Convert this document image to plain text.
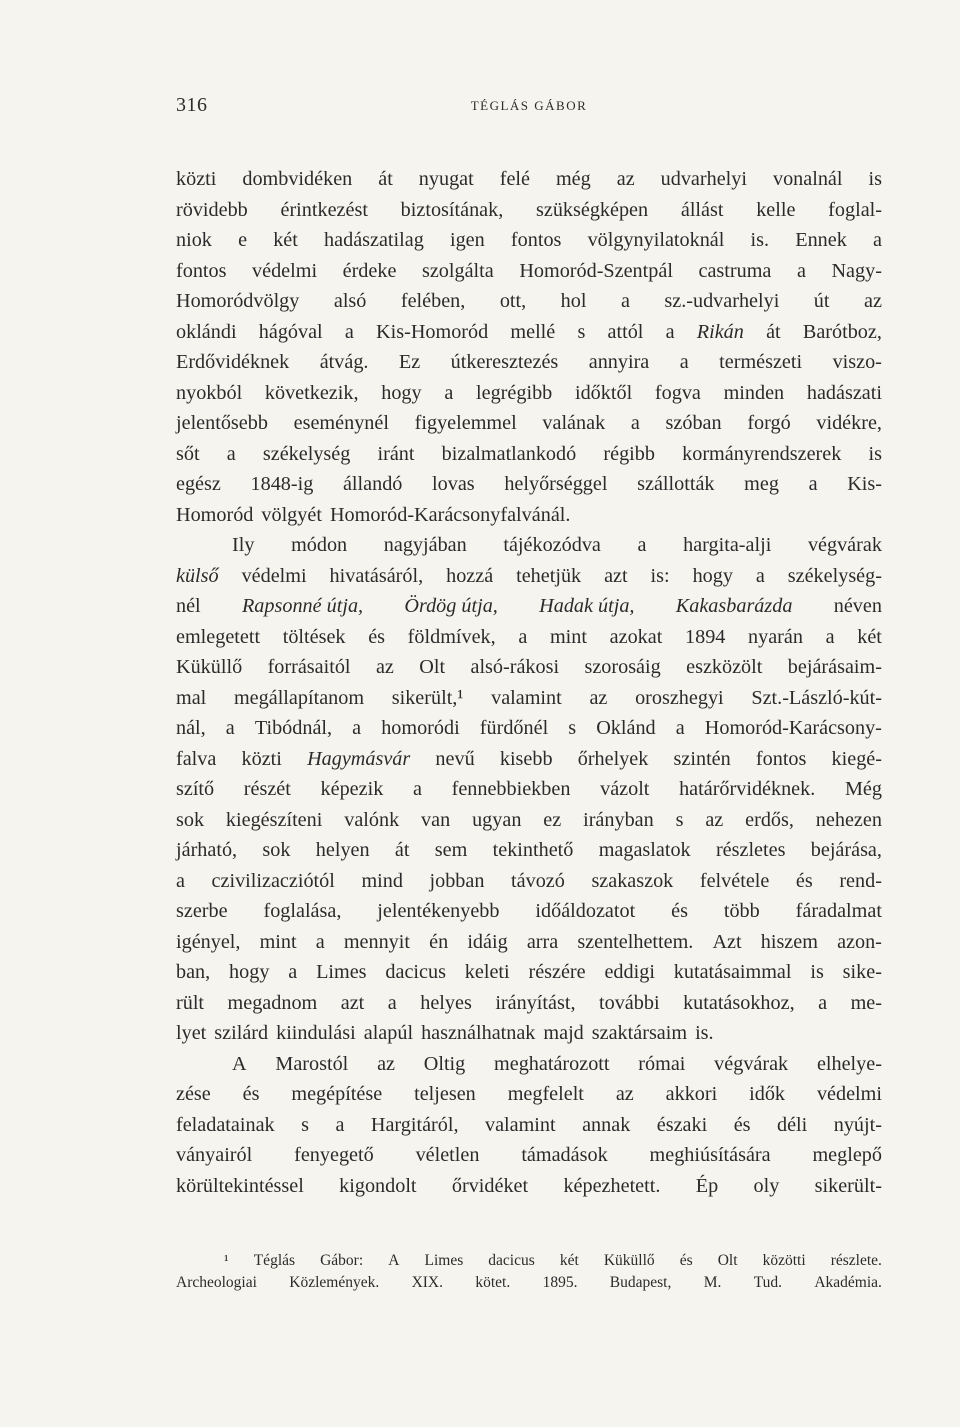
316	TÉGLÁS GÁBOR
közti dombvidéken át nyugat felé még az udvarhelyi vonalnál is
rövidebb érintkezést biztosítának, szükségképen állást kelle foglal-
niok e két hadászatilag igen fontos völgynyilatoknál is. Ennek a
fontos védelmi érdeke szolgálta Homoród-Szentpál castruma a Nagy-
Homoródvölgy alsó felében, ott, hol a sz.-udvarhelyi út az
oklándi hágóval a Kis-Homoród mellé s attól a Rikán át Barótboz,
Erdővidéknek átvág. Ez útkeresztezés annyira a természeti viszo-
nyokból következik, hogy a legrégibb időktől fogva minden hadászati
jelentősebb eseménynél figyelemmel valának a szóban forgó vidékre,
sőt a székelység iránt bizalmatlankodó régibb kormányrendszerek is
egész 1848-ig állandó lovas helyőrséggel szállották meg a Kis-
Homoród völgyét Homoród-Karácsonyfalvánál.
Ily módon nagyjában tájékozódva a hargita-alji végvárak
külső védelmi hivatásáról, hozzá tehetjük azt is: hogy a székelység-
nél Rapsonné útja, Ördög útja, Hadak útja, Kakasbarázda néven
emlegetett töltések és földmívek, a mint azokat 1894 nyarán a két
Küküllő forrásaitól az Olt alsó-rákosi szorosáig eszközölt bejárásaim-
mal megállapítanom sikerült,¹ valamint az oroszhegyi Szt.-László-kút-
nál, a Tibódnál, a homoródi fürdőnél s Oklánd a Homoród-Karácsony-
falva közti Hagymásvár nevű kisebb őrhelyek szintén fontos kiegé-
szítő részét képezik a fennebbiekben vázolt határőrvidéknek. Még
sok kiegészíteni valónk van ugyan ez irányban s az erdős, nehezen
járható, sok helyen át sem tekinthető magaslatok részletes bejárása,
a czivilizacziótól mind jobban távozó szakaszok felvétele és rend-
szerbe foglalása, jelentékenyebb időáldozatot és több fáradalmat
igényel, mint a mennyit én idáig arra szentelhettem. Azt hiszem azon-
ban, hogy a Limes dacicus keleti részére eddigi kutatásaimmal is sike-
rült megadnom azt a helyes irányítást, további kutatásokhoz, a me-
lyet szilárd kiindulási alapúl használhatnak majd szaktársaim is.
A Marostól az Oltig meghatározott római végvárak elhelye-
zése és megépítése teljesen megfelelt az akkori idők védelmi
feladatainak s a Hargitáról, valamint annak északi és déli nyújt-
ványairól fenyegető véletlen támadások meghiúsítására meglepő
körültekintéssel kigondolt őrvidéket képezhetett. Ép oly sikerült-
¹ Téglás Gábor: A Limes dacicus két Küküllő és Olt közötti részlete.
Archeologiai Közlemények. XIX. kötet. 1895. Budapest, M. Tud. Akadémia.
